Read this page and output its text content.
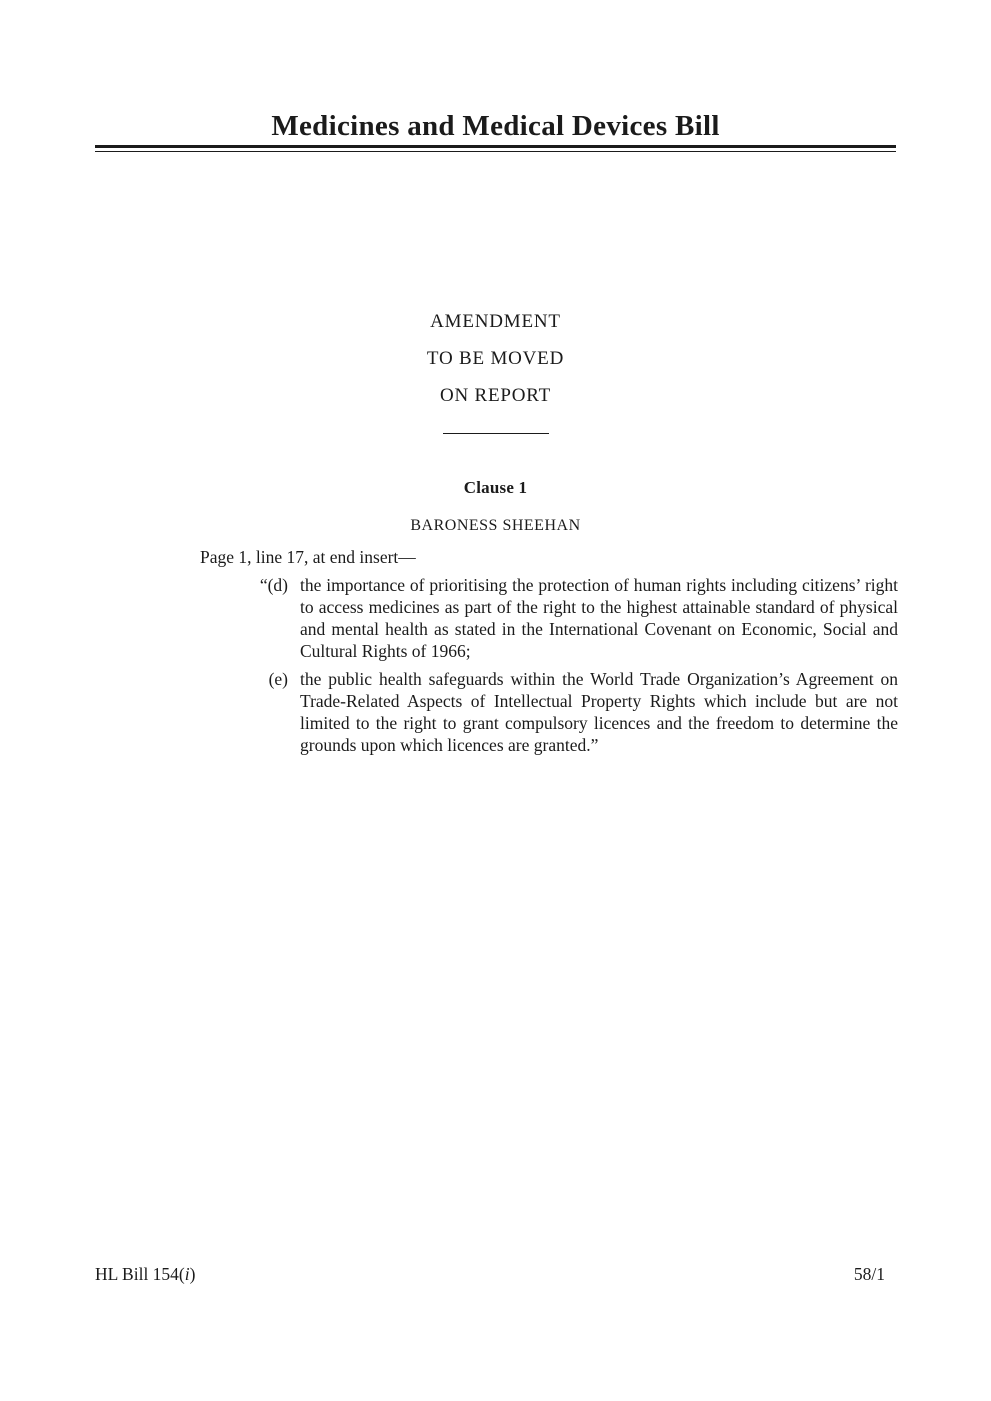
Medicines and Medical Devices Bill
AMENDMENT
TO BE MOVED
ON REPORT
Clause 1
BARONESS SHEEHAN
Page 1, line 17, at end insert—
“(d) the importance of prioritising the protection of human rights including citizens’ right to access medicines as part of the right to the highest attainable standard of physical and mental health as stated in the International Covenant on Economic, Social and Cultural Rights of 1966;
(e) the public health safeguards within the World Trade Organization’s Agreement on Trade-Related Aspects of Intellectual Property Rights which include but are not limited to the right to grant compulsory licences and the freedom to determine the grounds upon which licences are granted.”
HL Bill 154(i)	58/1
